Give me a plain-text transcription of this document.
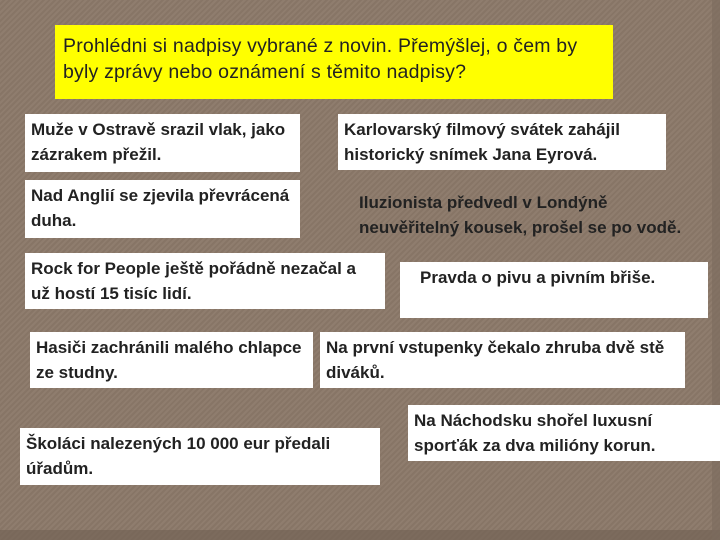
Prohlédni si nadpisy vybrané z novin. Přemýšlej, o čem by byly zprávy nebo oznámení s těmito nadpisy?
Muže v Ostravě srazil vlak, jako zázrakem přežil.
Nad Anglií se zjevila převrácená duha.
Rock for People ještě pořádně nezačal a už hostí 15 tisíc lidí.
Hasiči zachránili malého chlapce ze studny.
Školáci nalezených 10 000 eur předali úřadům.
Karlovarský filmový svátek zahájil historický snímek Jana Eyrová.
Iluzionista předvedl v Londýně neuvěřitelný kousek, prošel se po vodě.
Pravda o pivu a pivním břiše.
Na první vstupenky čekalo zhruba dvě stě diváků.
Na Náchodsku shořel luxusní sporťák za dva milióny korun.
